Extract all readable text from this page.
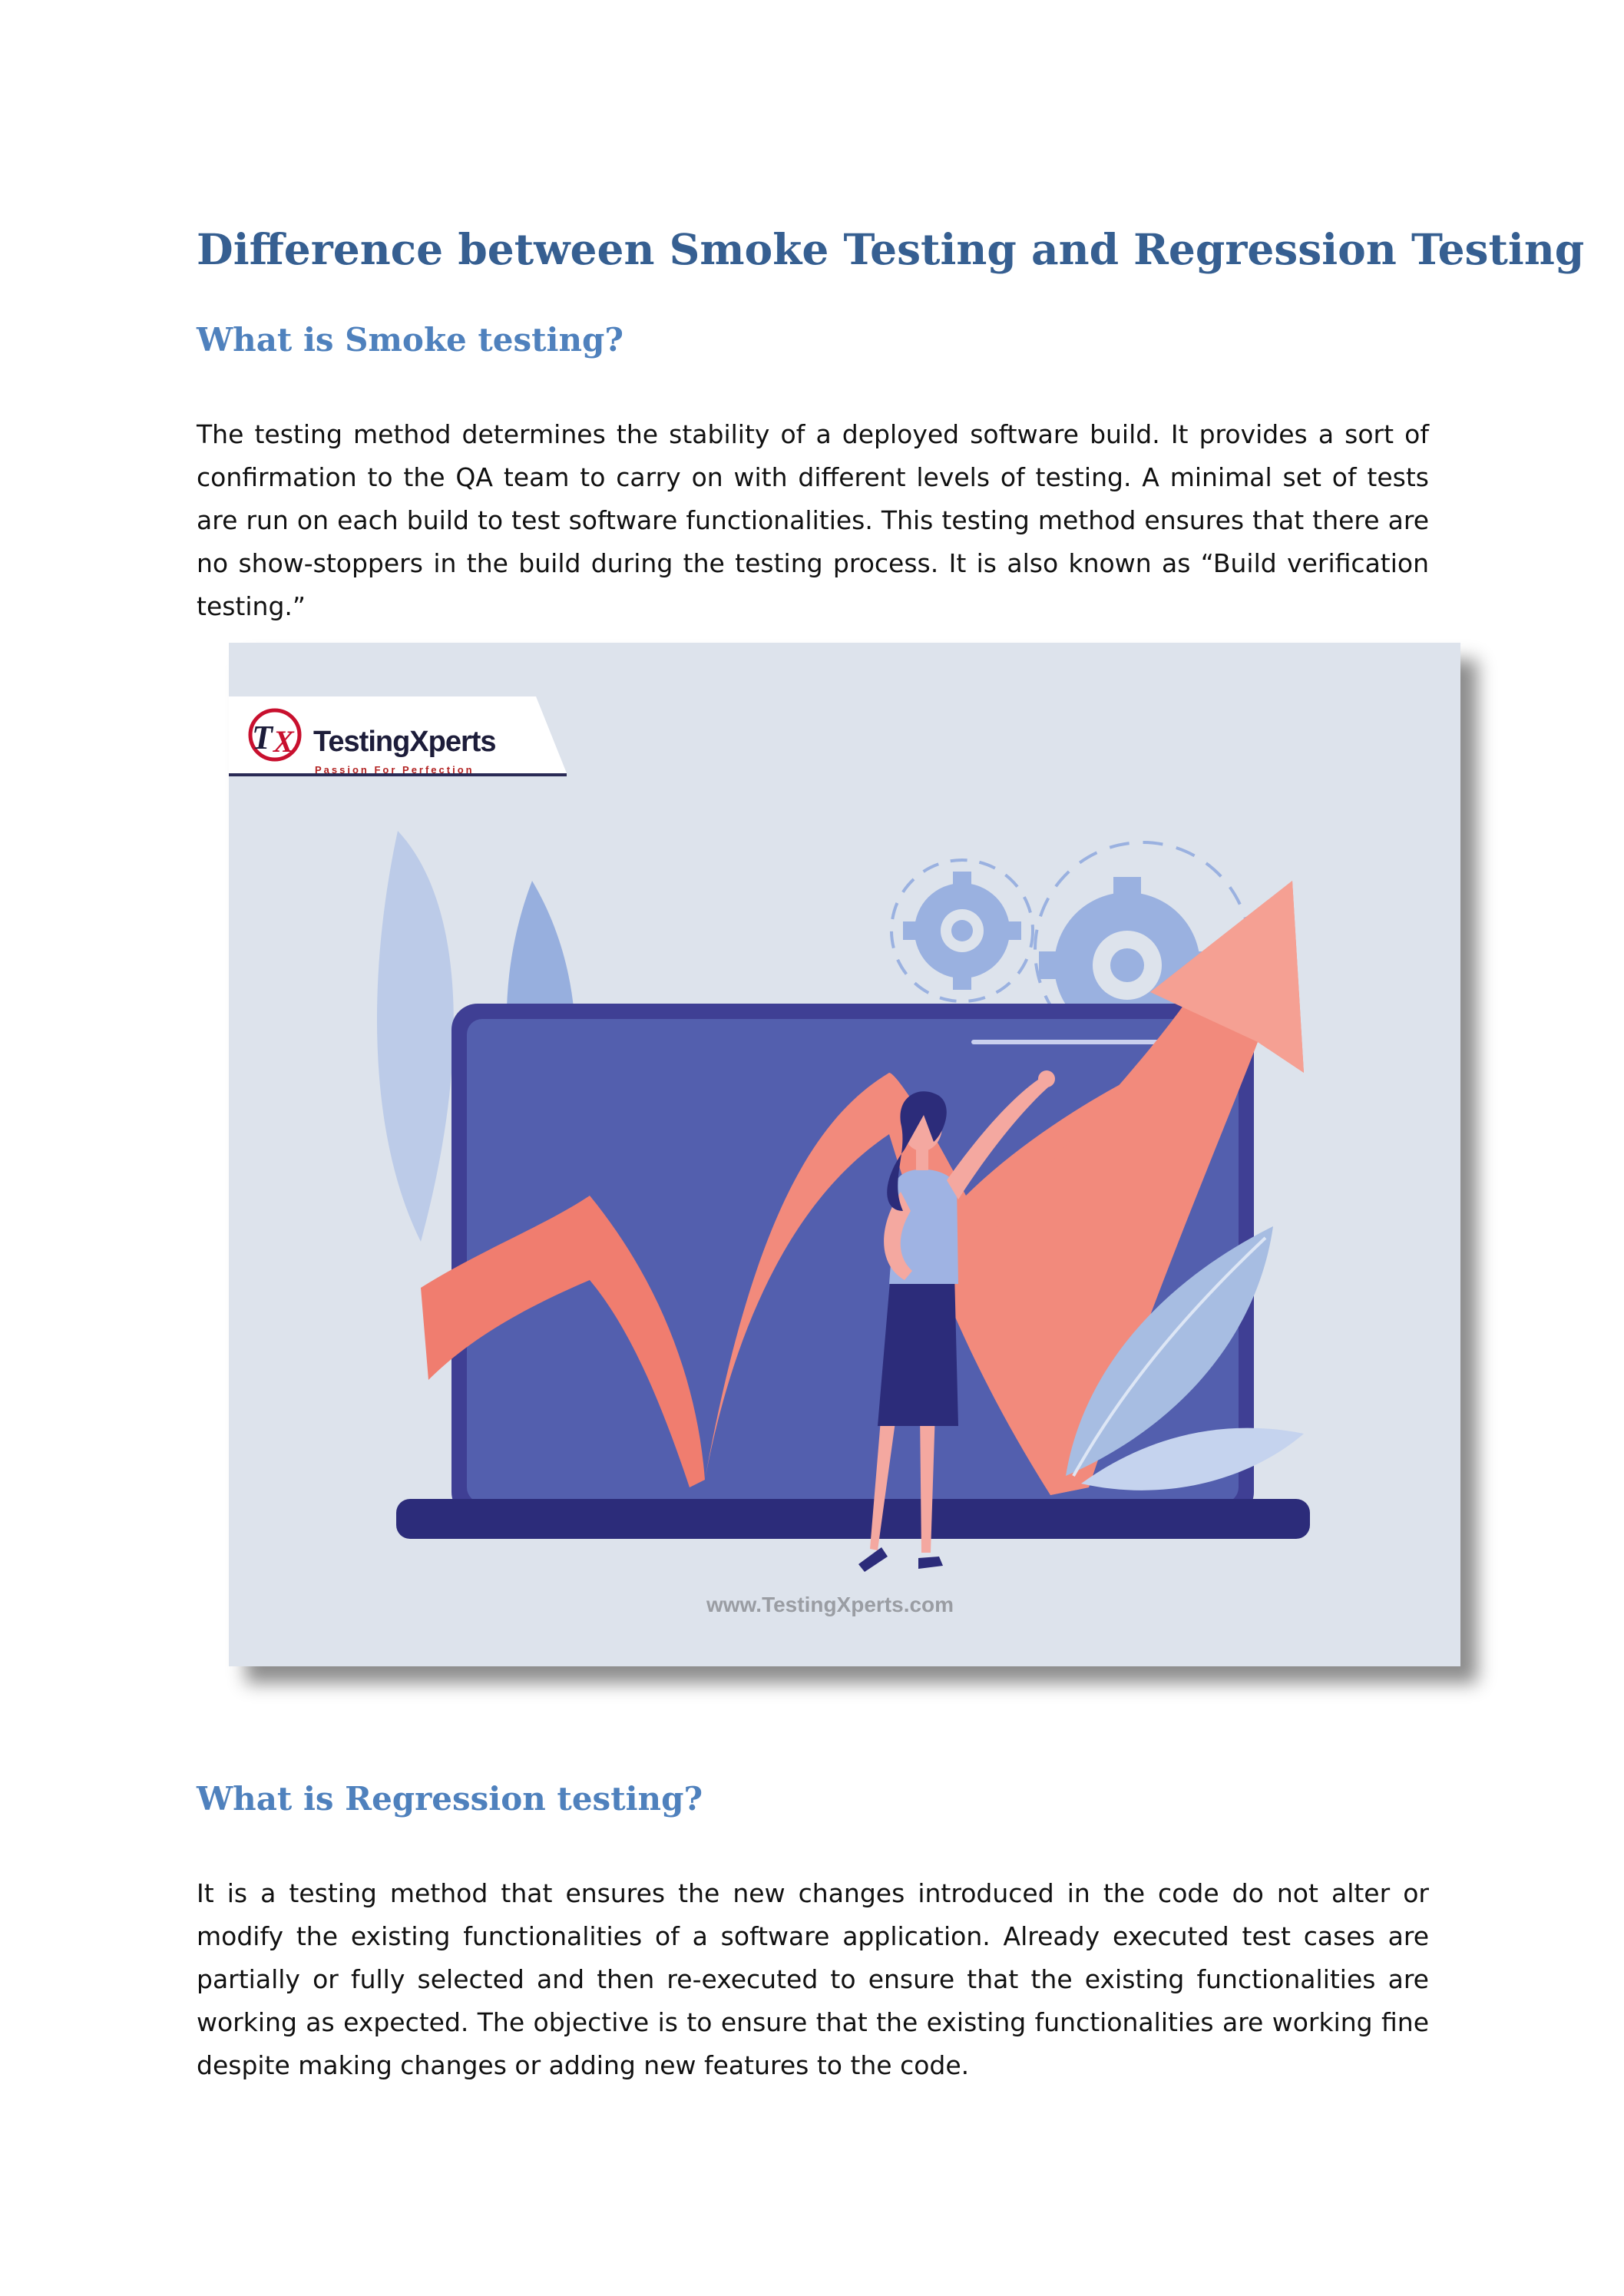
Difference between Smoke Testing and Regression Testing
What is Smoke testing?

The testing method determines the stability of a deployed software build. It provides a sort of confirmation to the QA team to carry on with different levels of testing. A minimal set of tests are run on each build to test software functionalities. This testing method ensures that there are no show-stoppers in the build during the testing process. It is also known as “Build verification testing.”

T X TestingXperts
Passion For Perfection
www.TestingXperts.com
What is Regression testing?

It is a testing method that ensures the new changes introduced in the code do not alter or modify the existing functionalities of a software application. Already executed test cases are partially or fully selected and then re-executed to ensure that the existing functionalities are working as expected. The objective is to ensure that the existing functionalities are working fine despite making changes or adding new features to the code.
